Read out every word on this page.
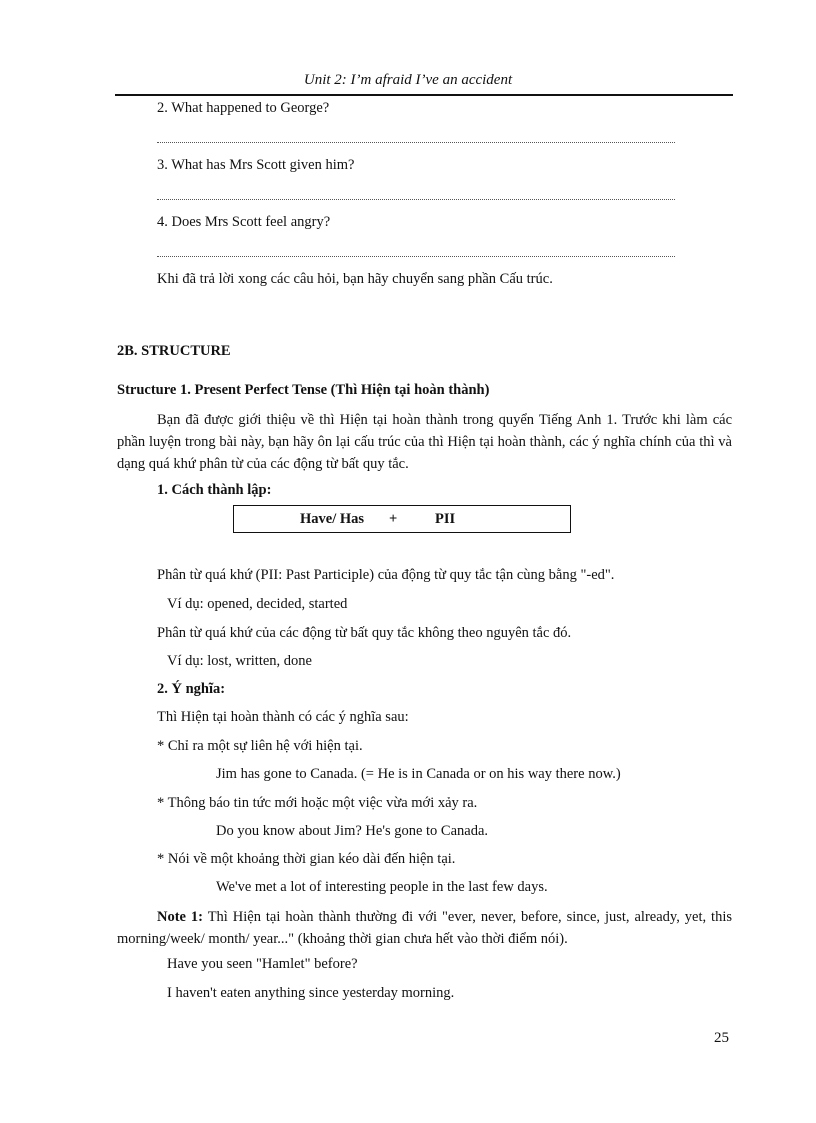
Unit 2: I’m afraid I’ve an accident
2. What happened to George?
3. What has Mrs Scott given him?
4. Does Mrs Scott feel angry?
Khi đã trả lời xong các câu hỏi, bạn hãy chuyển sang phần Cấu trúc.
2B. STRUCTURE
Structure 1. Present Perfect Tense (Thì Hiện tại hoàn thành)
Bạn đã được giới thiệu về thì Hiện tại hoàn thành trong quyển Tiếng Anh 1. Trước khi làm các phần luyện trong bài này, bạn hãy ôn lại cấu trúc của thì Hiện tại hoàn thành, các ý nghĩa chính của thì và dạng quá khứ phân từ của các động từ bất quy tắc.
1. Cách thành lập:
Have/ Has +	PII
Phân từ quá khứ (PII: Past Participle) của động từ quy tắc tận cùng bằng "-ed".
Ví dụ: opened, decided, started
Phân từ quá khứ của các động từ bất quy tắc không theo nguyên tắc đó.
Ví dụ: lost, written, done
2. Ý nghĩa:
Thì Hiện tại hoàn thành có các ý nghĩa sau:
* Chỉ ra một sự liên hệ với hiện tại.
Jim has gone to Canada. (= He is in Canada or on his way there now.)
* Thông báo tin tức mới hoặc một việc vừa mới xảy ra.
Do you know about Jim? He's gone to Canada.
* Nói về một khoảng thời gian kéo dài đến hiện tại.
We've met a lot of interesting people in the last few days.
Note 1: Thì Hiện tại hoàn thành thường đi với "ever, never, before, since, just, already, yet, this morning/week/ month/ year..." (khoảng thời gian chưa hết vào thời điểm nói).
Have you seen "Hamlet" before?
I haven't eaten anything since yesterday morning.
25
